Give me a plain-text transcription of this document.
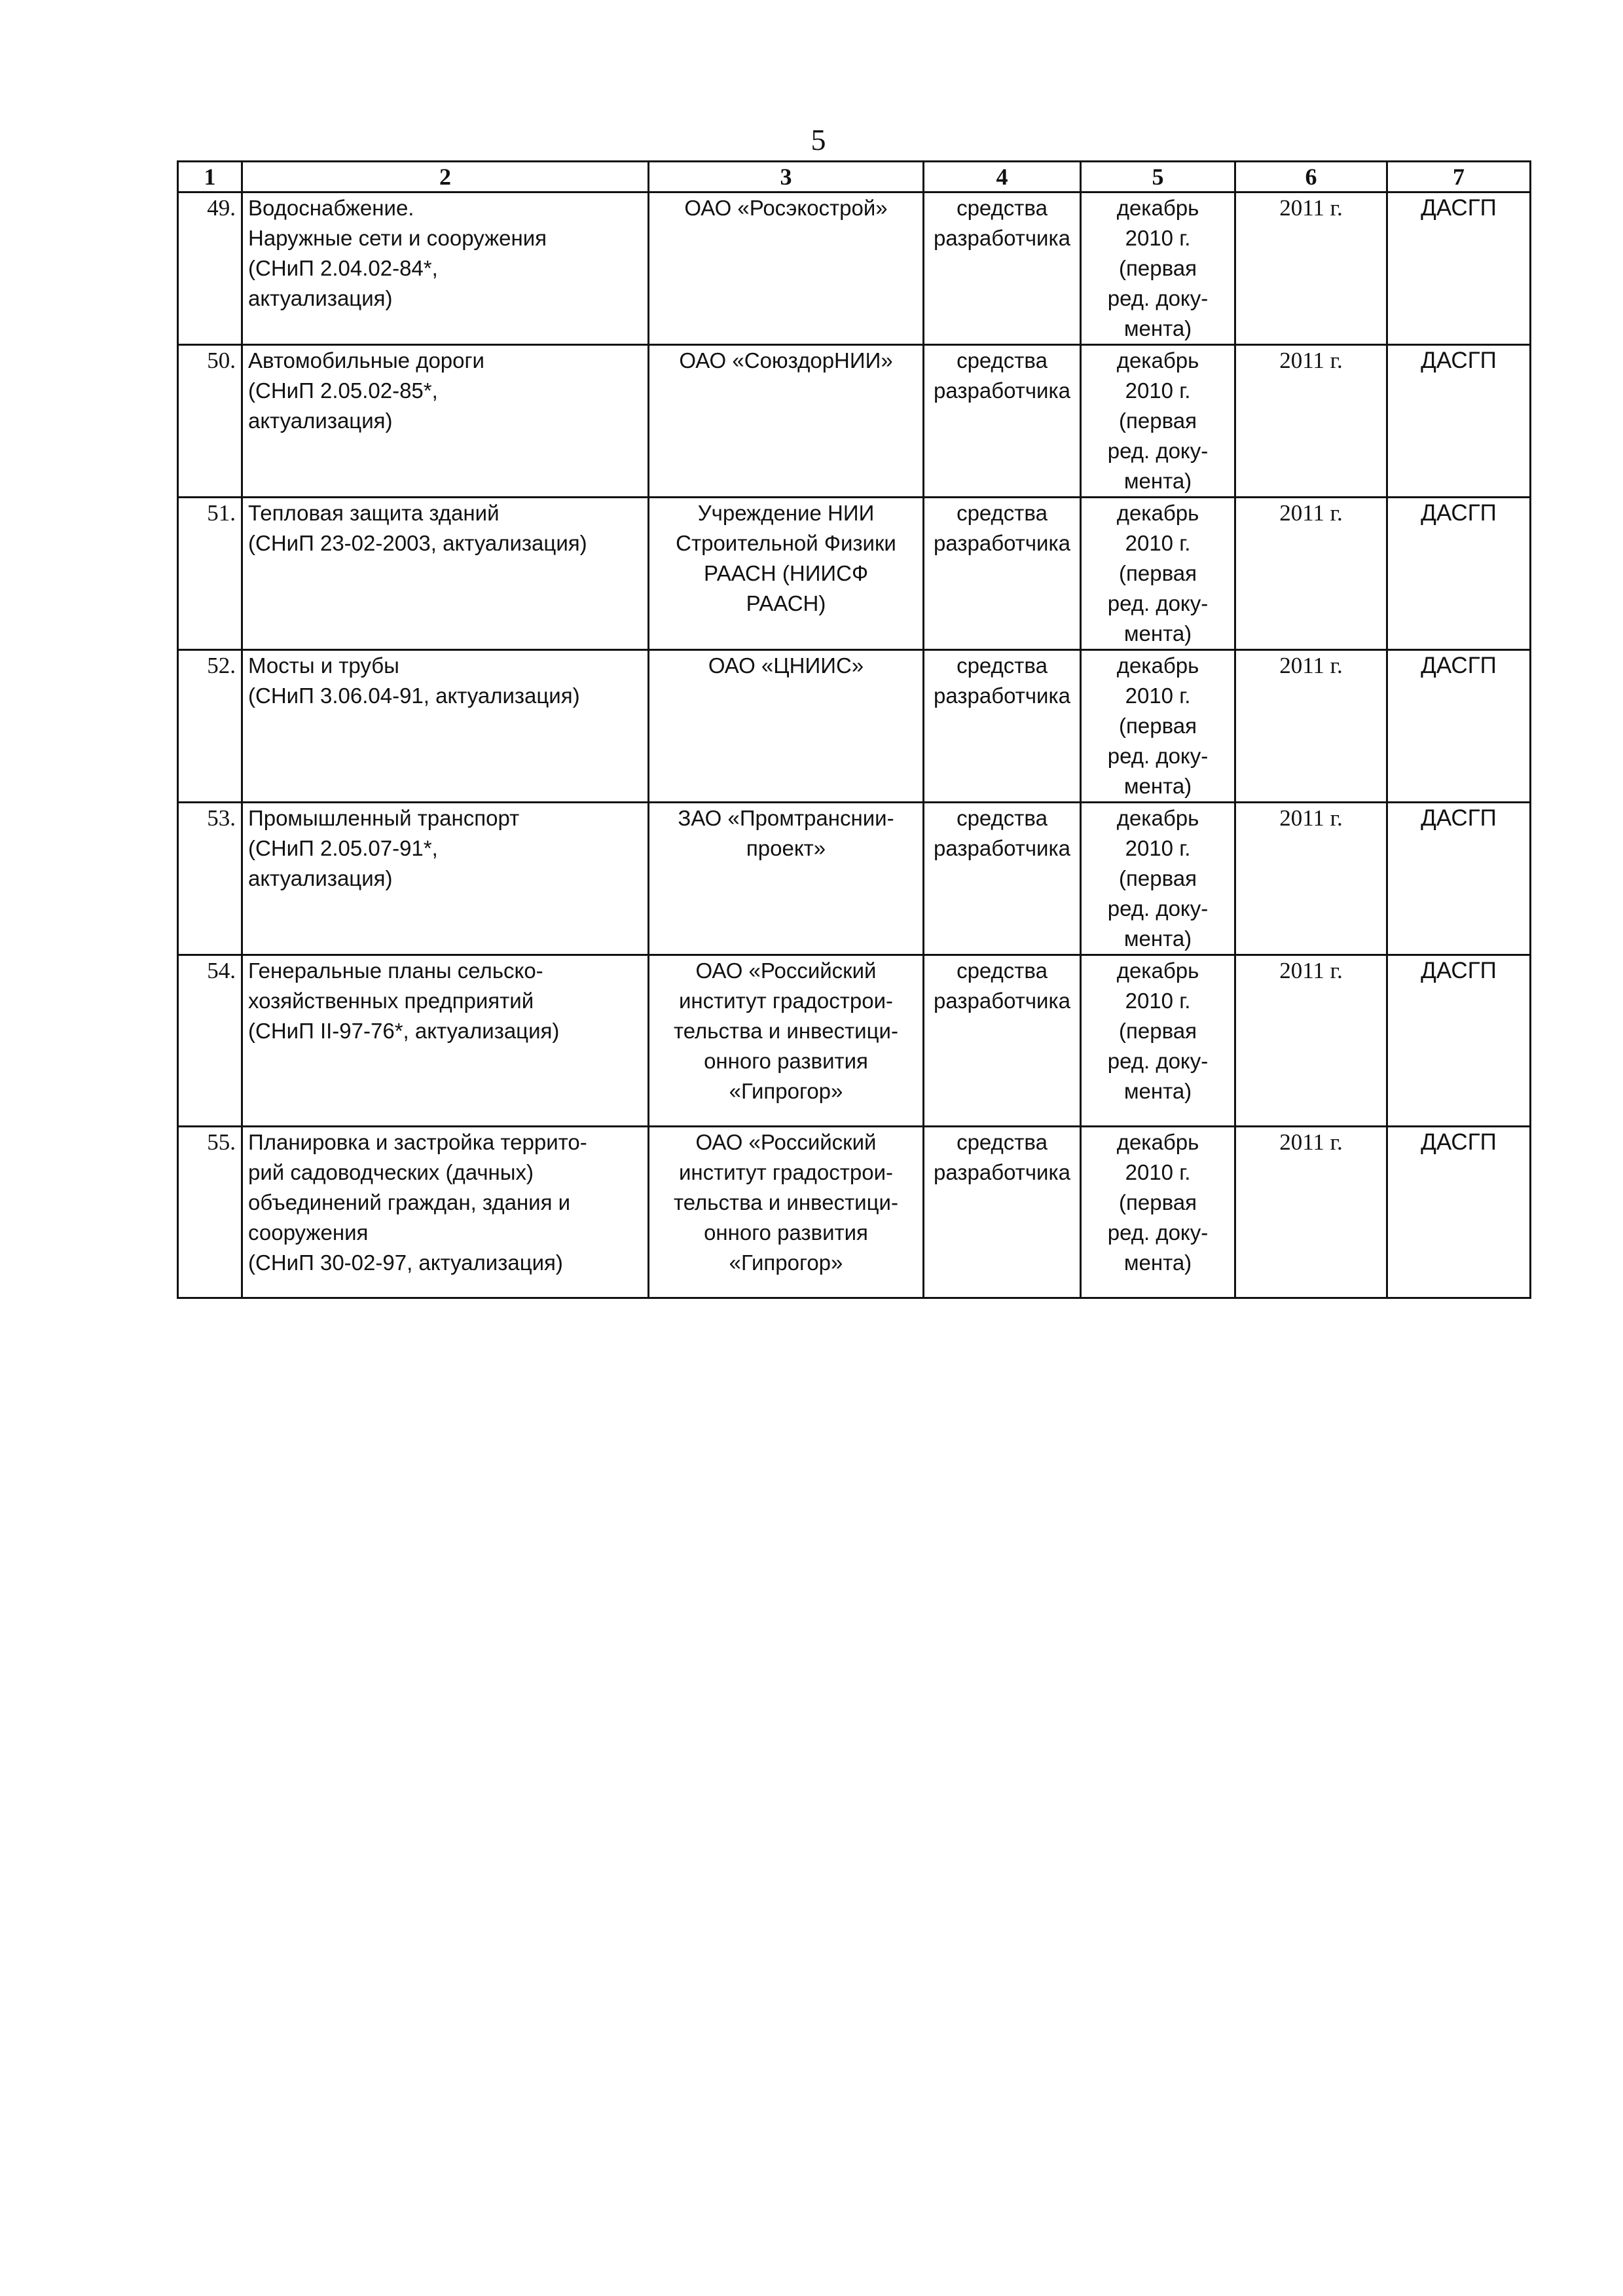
5
1	2	3	4	5	6	7
49.	Водоснабжение.
Наружные сети и сооружения
(СНиП 2.04.02-84*,
актуализация)	ОАО «Росэкострой»	средства
разработчика	декабрь
2010 г.
(первая
ред. доку-
мента)	2011 г.	ДАСГП
50.	Автомобильные дороги
(СНиП 2.05.02-85*,
актуализация)	ОАО «СоюздорНИИ»	средства
разработчика	декабрь
2010 г.
(первая
ред. доку-
мента)	2011 г.	ДАСГП
51.	Тепловая защита зданий
(СНиП 23-02-2003, актуализация)	Учреждение НИИ
Строительной Физики
РААСН (НИИСФ
РААСН)	средства
разработчика	декабрь
2010 г.
(первая
ред. доку-
мента)	2011 г.	ДАСГП
52.	Мосты и трубы
(СНиП 3.06.04-91, актуализация)	ОАО «ЦНИИС»	средства
разработчика	декабрь
2010 г.
(первая
ред. доку-
мента)	2011 г.	ДАСГП
53.	Промышленный транспорт
(СНиП 2.05.07-91*,
актуализация)	ЗАО «Промтранснии-
проект»	средства
разработчика	декабрь
2010 г.
(первая
ред. доку-
мента)	2011 г.	ДАСГП
54.	Генеральные планы сельско-
хозяйственных предприятий
(СНиП II-97-76*, актуализация)	ОАО «Российский
институт градострои-
тельства и инвестици-
онного развития
«Гипрогор»	средства
разработчика	декабрь
2010 г.
(первая
ред. доку-
мента)	2011 г.	ДАСГП
55.	Планировка и застройка террито-
рий садоводческих (дачных)
объединений граждан, здания и
сооружения
(СНиП 30-02-97, актуализация)	ОАО «Российский
институт градострои-
тельства и инвестици-
онного развития
«Гипрогор»	средства
разработчика	декабрь
2010 г.
(первая
ред. доку-
мента)	2011 г.	ДАСГП
